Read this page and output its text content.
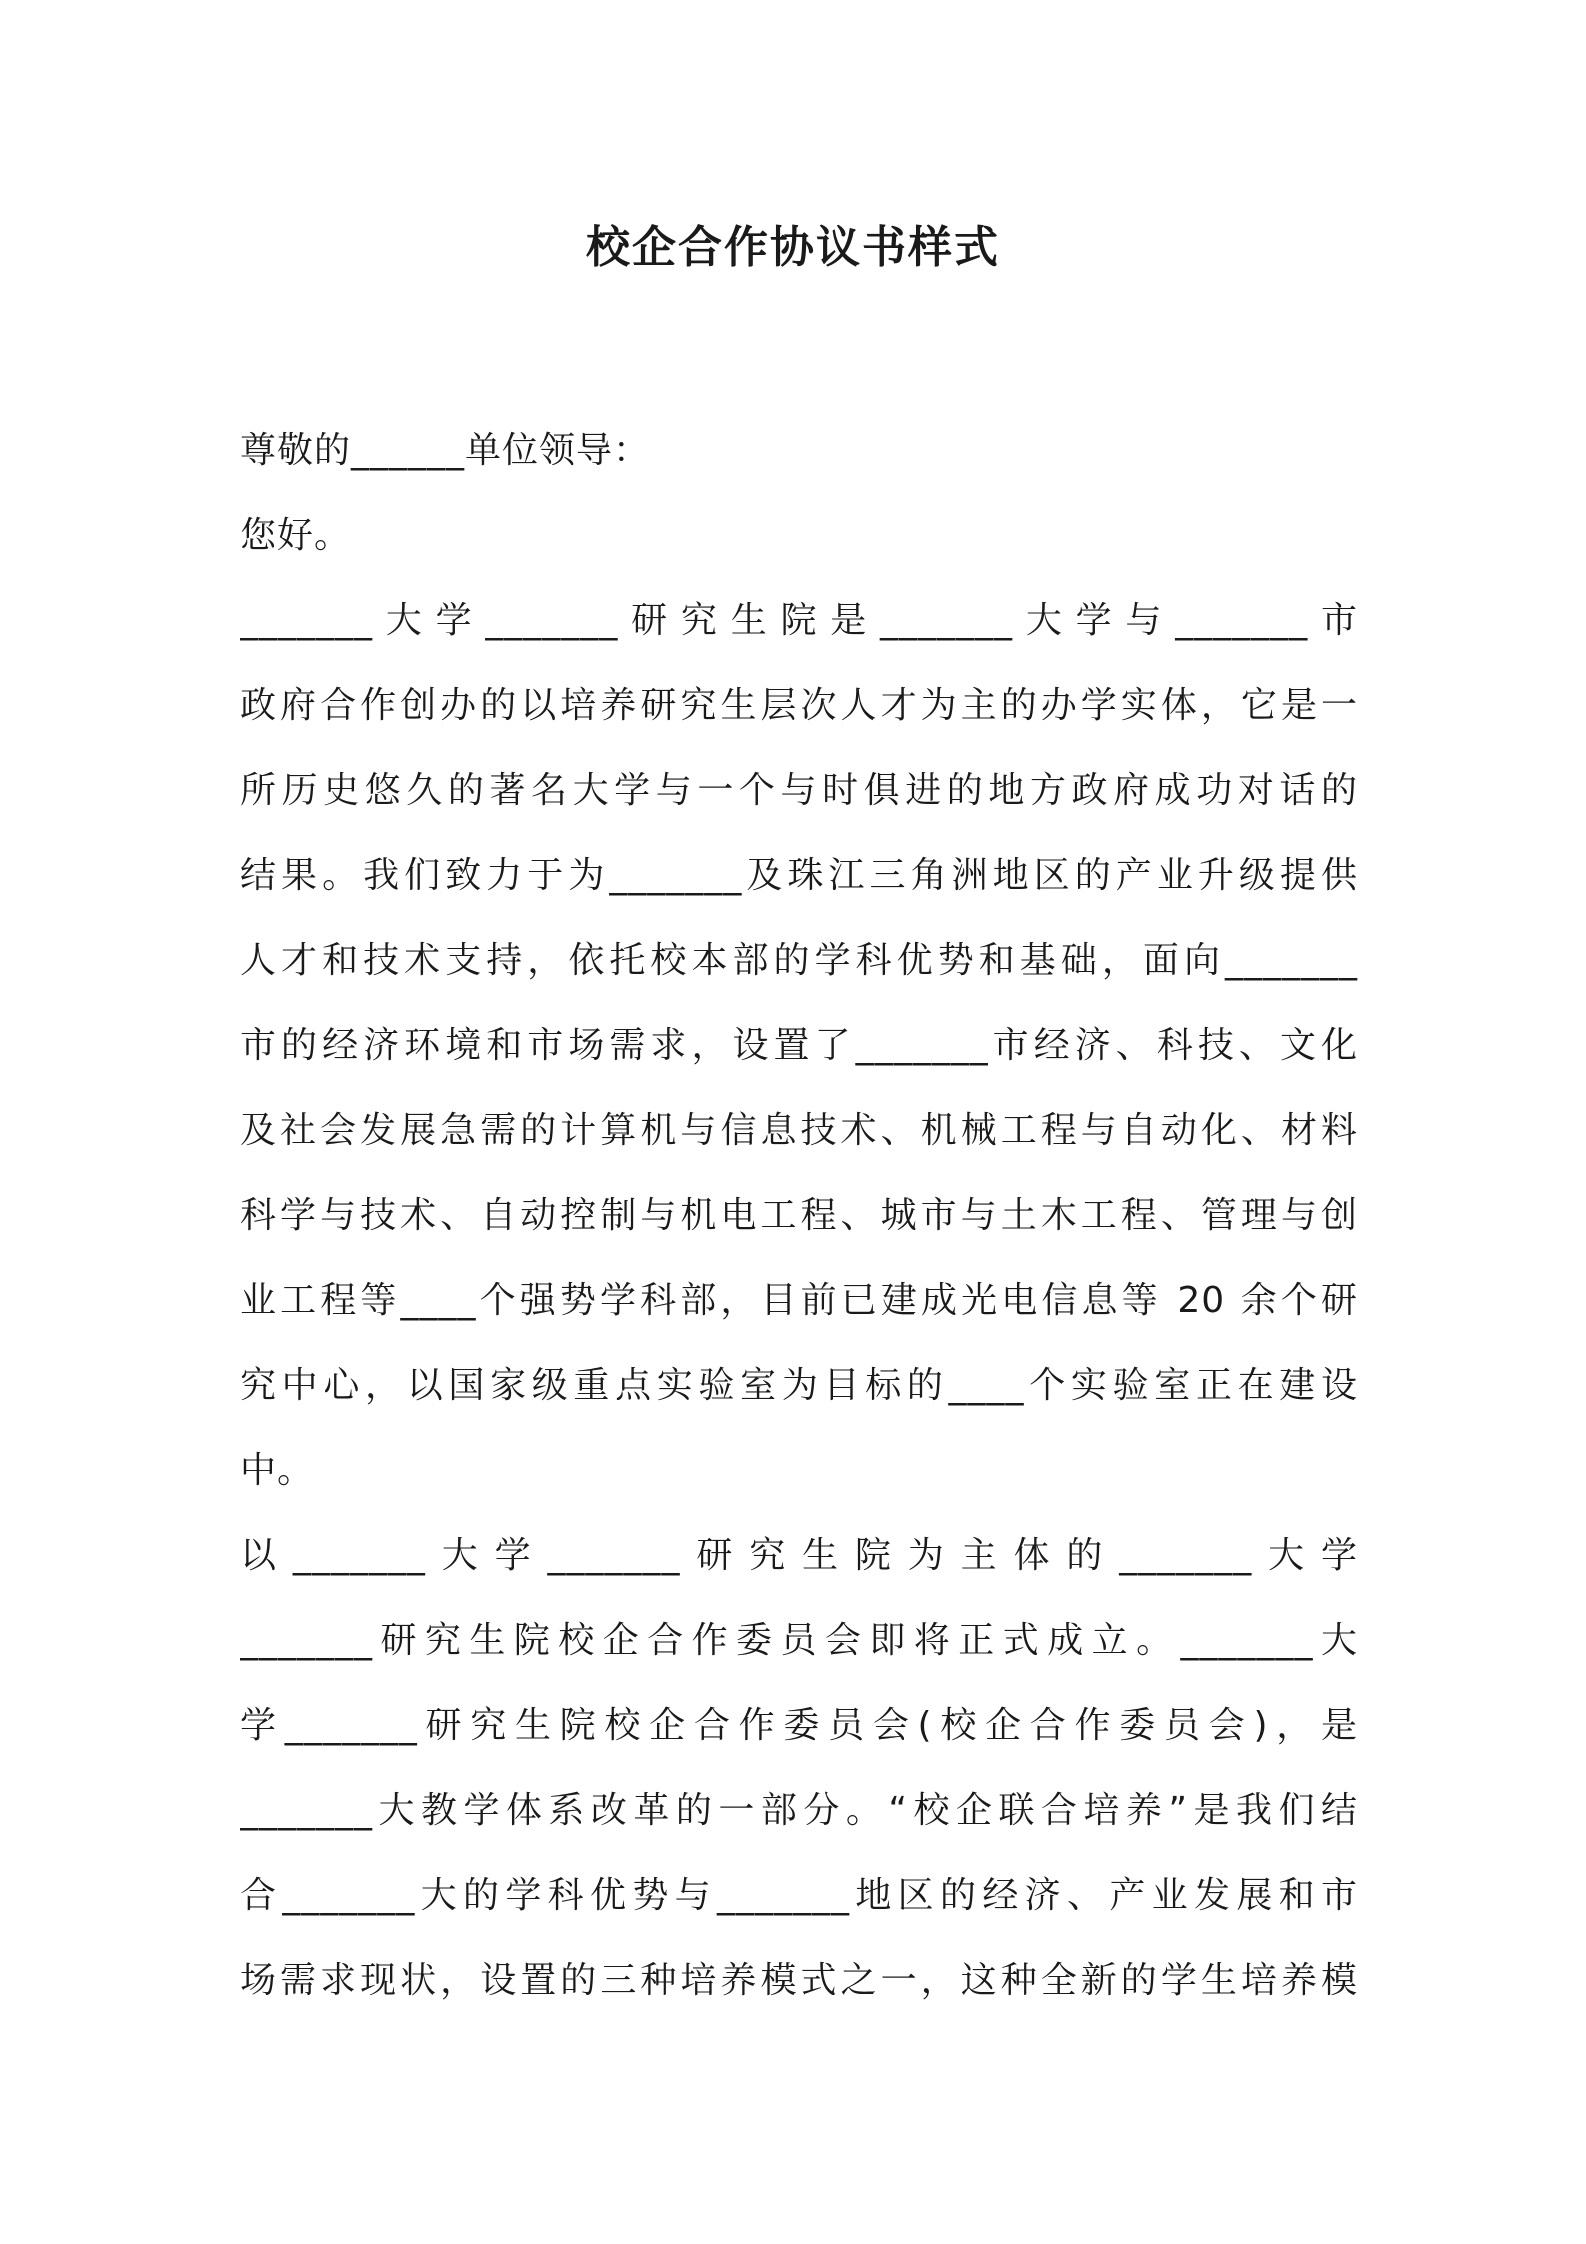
校企合作协议书样式
尊敬的______单位领导：
您好。
_______大学_______研究生院是_______大学与_______市
政府合作创办的以培养研究生层次人才为主的办学实体，它是一
所历史悠久的著名大学与一个与时俱进的地方政府成功对话的
结果。我们致力于为_______及珠江三角洲地区的产业升级提供
人才和技术支持，依托校本部的学科优势和基础，面向_______
市的经济环境和市场需求，设置了_______市经济、科技、文化
及社会发展急需的计算机与信息技术、机械工程与自动化、材料
科学与技术、自动控制与机电工程、城市与土木工程、管理与创
业工程等____个强势学科部，目前已建成光电信息等 20 余个研
究中心，以国家级重点实验室为目标的____个实验室正在建设
中。
以_______大学_______研究生院为主体的_______大学
_______研究生院校企合作委员会即将正式成立。_______大
学_______研究生院校企合作委员会(校企合作委员会)，是
_______大教学体系改革的一部分。“校企联合培养”是我们结
合_______大的学科优势与_______地区的经济、产业发展和市
场需求现状，设置的三种培养模式之一，这种全新的学生培养模
